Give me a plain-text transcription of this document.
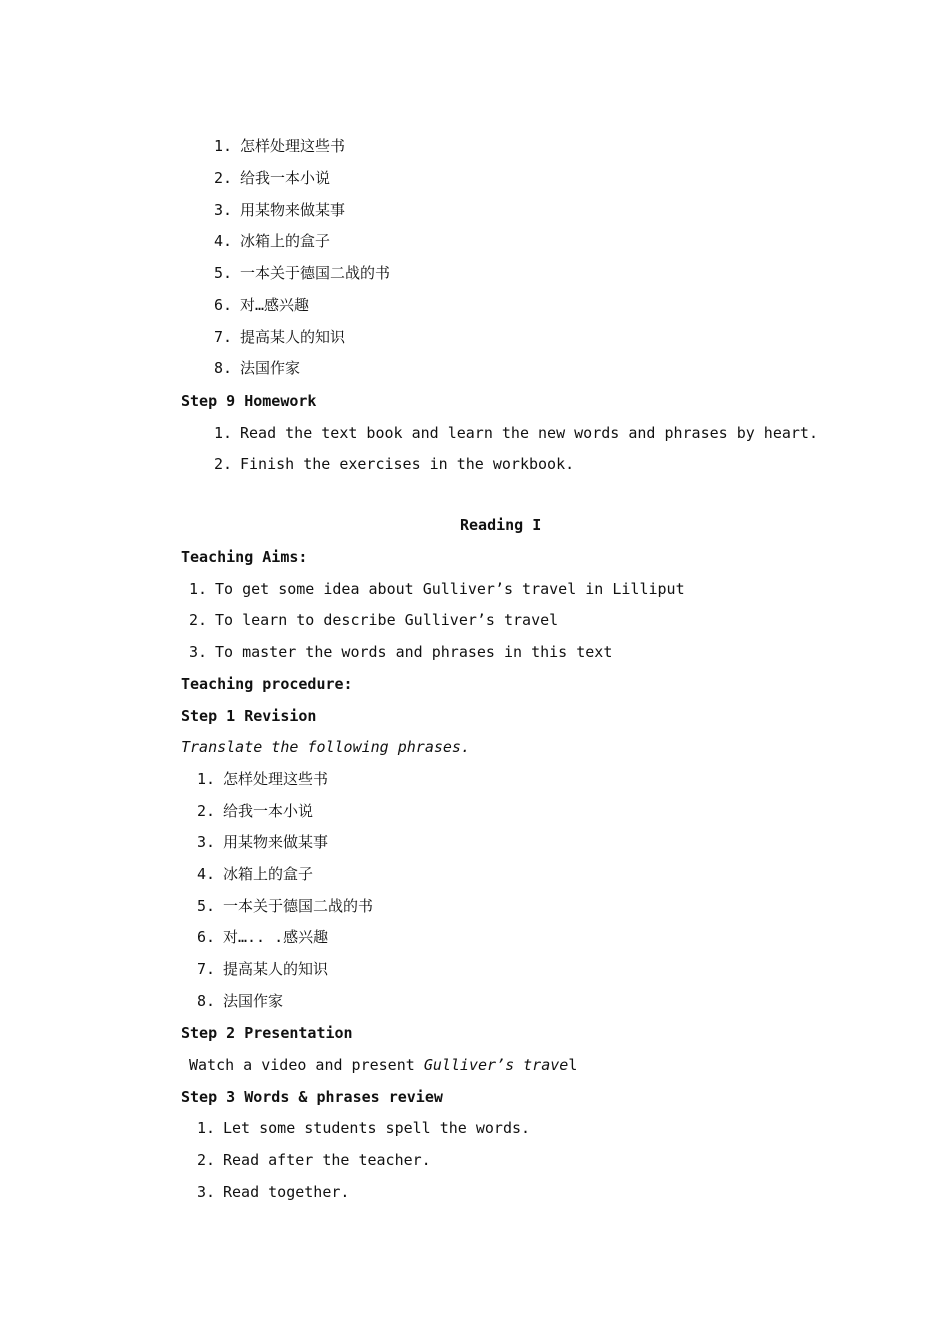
1. 怎样处理这些书
2. 给我一本小说
3. 用某物来做某事
4. 冰箱上的盒子
5. 一本关于德国二战的书
6. 对…感兴趣
7. 提高某人的知识
8. 法国作家
Step 9 Homework
1. Read the text book and learn the new words and phrases by heart.
2. Finish the exercises in the workbook.
Reading I
Teaching Aims:
1. To get some idea about Gulliver’s travel in Lilliput
2. To learn to describe Gulliver’s travel
3. To master the words and phrases in this text
Teaching procedure:
Step 1 Revision
Translate the following phrases.
1. 怎样处理这些书
2. 给我一本小说
3. 用某物来做某事
4. 冰箱上的盒子
5. 一本关于德国二战的书
6. 对….. .感兴趣
7. 提高某人的知识
8. 法国作家
Step 2 Presentation
Watch a video and present Gulliver’s travel
Step 3 Words & phrases review
1. Let some students spell the words.
2. Read after the teacher.
3. Read together.
